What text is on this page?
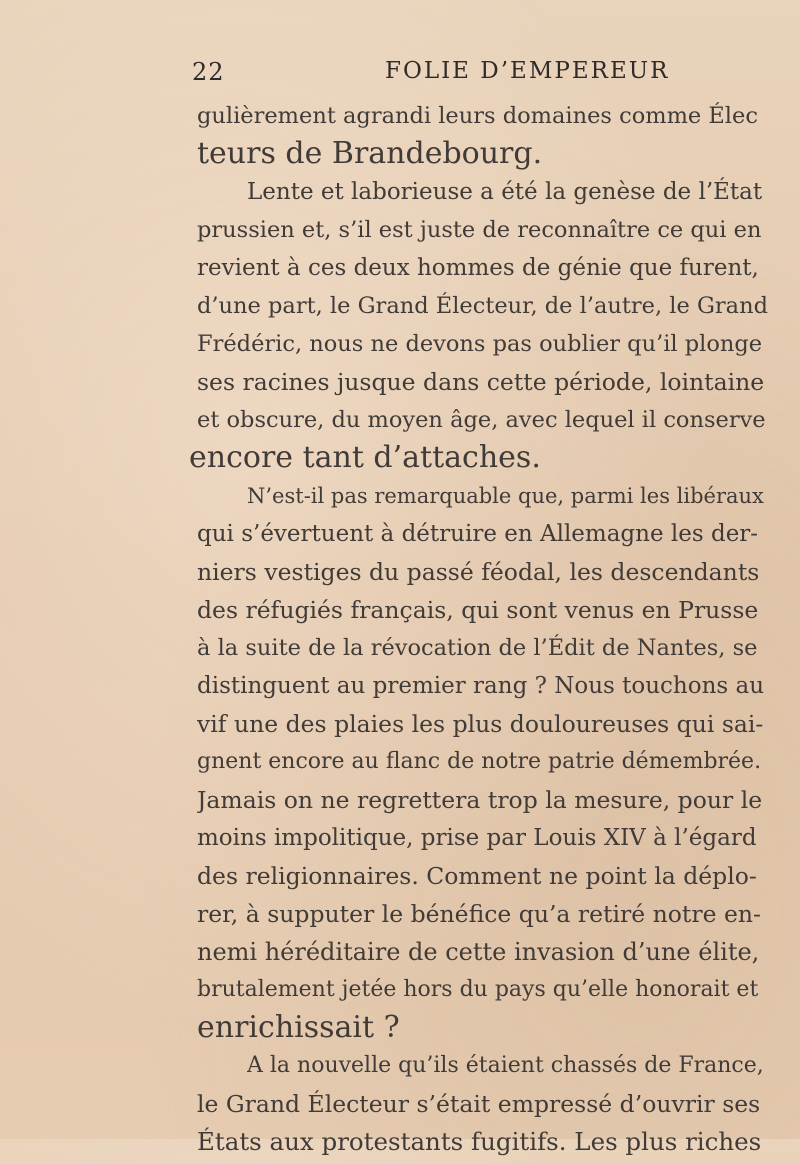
22	FOLIE D’EMPEREUR
gulièrement agrandi leurs domaines comme Élec
teurs de Brandebourg.
Lente et laborieuse a été la genèse de l’État
prussien et, s’il est juste de reconnaître ce qui en
revient à ces deux hommes de génie que furent,
d’une part, le Grand Électeur, de l’autre, le Grand
Frédéric, nous ne devons pas oublier qu’il plonge
ses racines jusque dans cette période, lointaine
et obscure, du moyen âge, avec lequel il conserve
encore tant d’attaches.
N’est-il pas remarquable que, parmi les libéraux
qui s’évertuent à détruire en Allemagne les der-
niers vestiges du passé féodal, les descendants
des réfugiés français, qui sont venus en Prusse
à la suite de la révocation de l’Édit de Nantes, se
distinguent au premier rang ? Nous touchons au
vif une des plaies les plus douloureuses qui sai-
gnent encore au flanc de notre patrie démembrée.
Jamais on ne regrettera trop la mesure, pour le
moins impolitique, prise par Louis XIV à l’égard
des religionnaires. Comment ne point la déplo-
rer, à supputer le bénéfice qu’a retiré notre en-
nemi héréditaire de cette invasion d’une élite,
brutalement jetée hors du pays qu’elle honorait et
enrichissait ?
A la nouvelle qu’ils étaient chassés de France,
le Grand Électeur s’était empressé d’ouvrir ses
États aux protestants fugitifs. Les plus riches
